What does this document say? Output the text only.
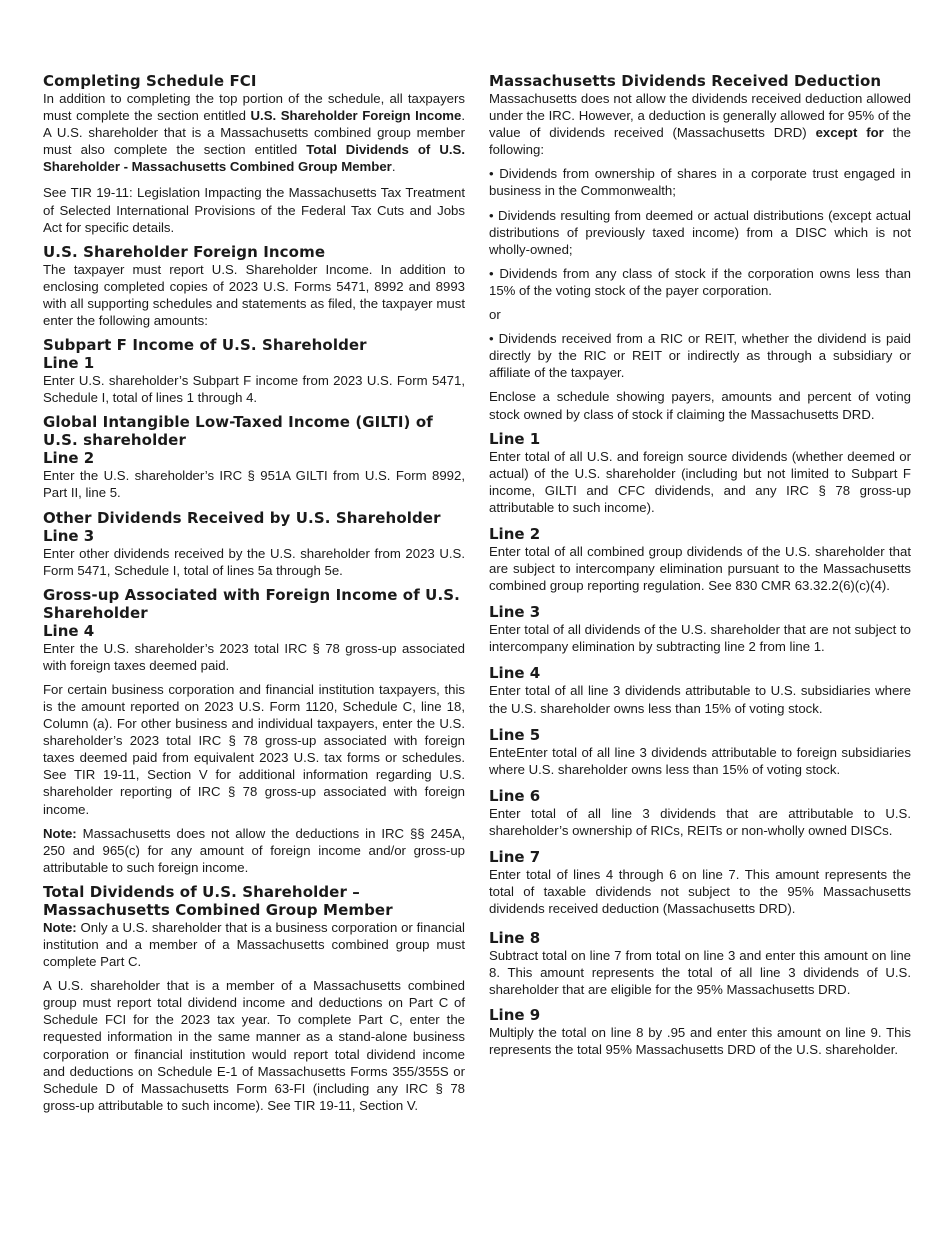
Completing Schedule FCI

In addition to completing the top portion of the schedule, all taxpayers must complete the section entitled U.S. Shareholder Foreign Income. A U.S. shareholder that is a Massachusetts combined group member must also complete the section entitled Total Dividends of U.S. Shareholder - Massachusetts Combined Group Member.

See TIR 19-11: Legislation Impacting the Massachusetts Tax Treatment of Selected International Provisions of the Federal Tax Cuts and Jobs Act for specific details.

U.S. Shareholder Foreign Income

The taxpayer must report U.S. Shareholder Income. In addition to enclosing completed copies of 2023 U.S. Forms 5471, 8992 and 8993 with all supporting schedules and statements as filed, the taxpayer must enter the following amounts:

Subpart F Income of U.S. Shareholder
Line 1

Enter U.S. shareholder’s Subpart F income from 2023 U.S. Form 5471, Schedule I, total of lines 1 through 4.

Global Intangible Low-Taxed Income (GILTI) of U.S. shareholder
Line 2

Enter the U.S. shareholder’s IRC § 951A GILTI from U.S. Form 8992, Part II, line 5.

Other Dividends Received by U.S. Shareholder
Line 3

Enter other dividends received by the U.S. shareholder from 2023 U.S. Form 5471, Schedule I, total of lines 5a through 5e.

Gross-up Associated with Foreign Income of U.S. Shareholder
Line 4

Enter the U.S. shareholder’s 2023 total IRC § 78 gross-up associated with foreign taxes deemed paid.

For certain business corporation and financial institution taxpayers, this is the amount reported on 2023 U.S. Form 1120, Schedule C, line 18, Column (a). For other business and individual taxpayers, enter the U.S. shareholder’s 2023 total IRC § 78 gross-up associated with foreign taxes deemed paid from equivalent 2023 U.S. tax forms or schedules. See TIR 19-11, Section V for additional information regarding U.S. shareholder reporting of IRC § 78 gross-up associated with foreign income.

Note: Massachusetts does not allow the deductions in IRC §§ 245A, 250 and 965(c) for any amount of foreign income and/or gross-up attributable to such foreign income.

Total Dividends of U.S. Shareholder –
Massachusetts Combined Group Member

Note: Only a U.S. shareholder that is a business corporation or financial institution and a member of a Massachusetts combined group must complete Part C.

A U.S. shareholder that is a member of a Massachusetts combined group must report total dividend income and deductions on Part C of Schedule FCI for the 2023 tax year. To complete Part C, enter the requested information in the same manner as a stand-alone business corporation or financial institution would report total dividend income and deductions on Schedule E-1 of Massachusetts Forms 355/355S or Schedule D of Massachusetts Form 63-FI (including any IRC § 78 gross-up attributable to such income). See TIR 19-11, Section V.

Massachusetts Dividends Received Deduction

Massachusetts does not allow the dividends received deduction allowed under the IRC. However, a deduction is generally allowed for 95% of the value of dividends received (Massachusetts DRD) except for the following:

• Dividends from ownership of shares in a corporate trust engaged in business in the Commonwealth;

• Dividends resulting from deemed or actual distributions (except actual distributions of previously taxed income) from a DISC which is not wholly-owned;

• Dividends from any class of stock if the corporation owns less than 15% of the voting stock of the payer corporation.

or

• Dividends received from a RIC or REIT, whether the dividend is paid directly by the RIC or REIT or indirectly as through a subsidiary or affiliate of the taxpayer.

Enclose a schedule showing payers, amounts and percent of voting stock owned by class of stock if claiming the Massachusetts DRD.

Line 1

Enter total of all U.S. and foreign source dividends (whether deemed or actual) of the U.S. shareholder (including but not limited to Subpart F income, GILTI and CFC dividends, and any IRC § 78 gross-up attributable to such income).

Line 2

Enter total of all combined group dividends of the U.S. shareholder that are subject to intercompany elimination pursuant to the Massachusetts combined group reporting regulation. See 830 CMR 63.32.2(6)(c)(4).

Line 3

Enter total of all dividends of the U.S. shareholder that are not subject to intercompany elimination by subtracting line 2 from line 1.

Line 4

Enter total of all line 3 dividends attributable to U.S. subsidiaries where the U.S. shareholder owns less than 15% of voting stock.

Line 5

EnteEnter total of all line 3 dividends attributable to foreign subsidiaries where U.S. shareholder owns less than 15% of voting stock.

Line 6

Enter total of all line 3 dividends that are attributable to U.S. shareholder’s ownership of RICs, REITs or non-wholly owned DISCs.

Line 7

Enter total of lines 4 through 6 on line 7. This amount represents the total of taxable dividends not subject to the 95% Massachusetts dividends received deduction (Massachusetts DRD).

Line 8

Subtract total on line 7 from total on line 3 and enter this amount on line 8. This amount represents the total of all line 3 dividends of U.S. shareholder that are eligible for the 95% Massachusetts DRD.

Line 9

Multiply the total on line 8 by .95 and enter this amount on line 9. This represents the total 95% Massachusetts DRD of the U.S. shareholder.
